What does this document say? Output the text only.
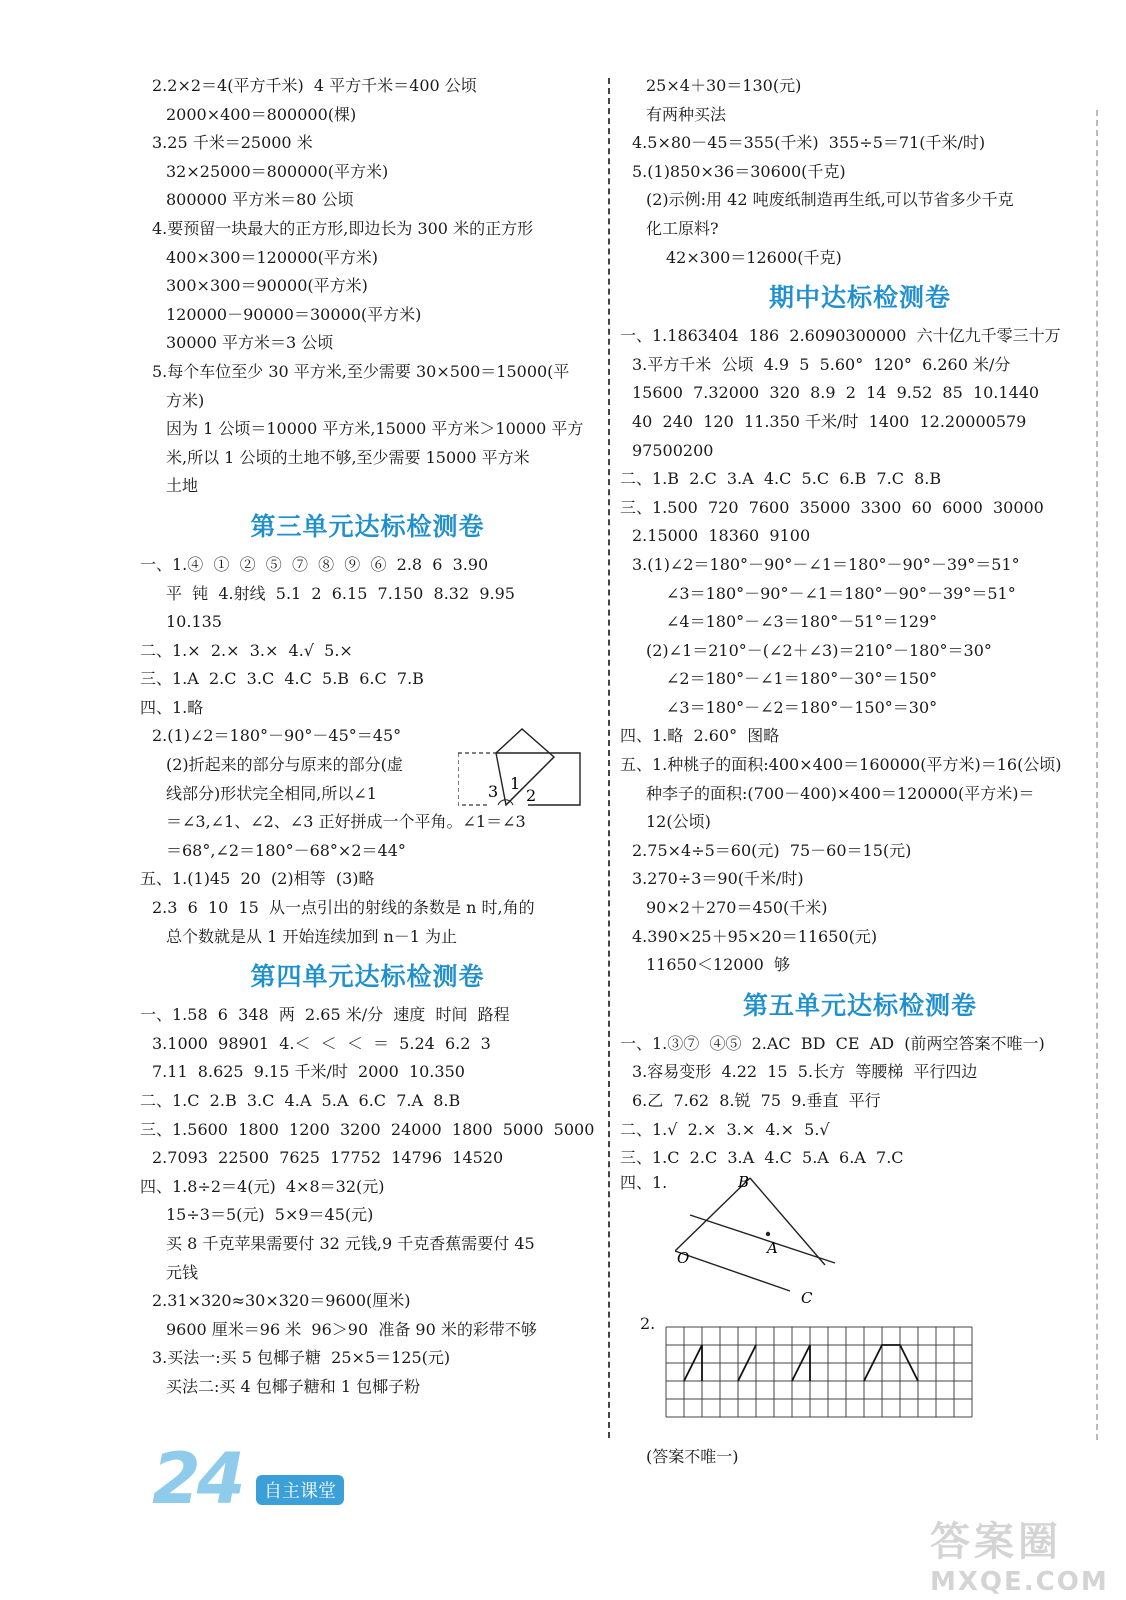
2.2×2＝4(平方千米)  4 平方千米＝400 公顷
2000×400＝800000(棵)
3.25 千米＝25000 米
32×25000＝800000(平方米)
800000 平方米＝80 公顷
4.要预留一块最大的正方形,即边长为 300 米的正方形
400×300＝120000(平方米)
300×300＝90000(平方米)
120000－90000＝30000(平方米)
30000 平方米＝3 公顷
5.每个车位至少 30 平方米,至少需要 30×500＝15000(平
方米)
因为 1 公顷＝10000 平方米,15000 平方米＞10000 平方
米,所以 1 公顷的土地不够,至少需要 15000 平方米
土地
第三单元达标检测卷
一、1.④  ①  ②  ⑤  ⑦  ⑧  ⑨  ⑥  2.8  6  3.90
平  钝  4.射线  5.1  2  6.15  7.150  8.32  9.95
10.135
二、1.×  2.×  3.×  4.√  5.×
三、1.A  2.C  3.C  4.C  5.B  6.C  7.B
四、1.略
2.(1)∠2＝180°－90°－45°＝45°
(2)折起来的部分与原来的部分(虚
线部分)形状完全相同,所以∠1
＝∠3,∠1、∠2、∠3 正好拼成一个平角。∠1＝∠3
＝68°,∠2＝180°－68°×2＝44°
3 1
2
五、1.(1)45  20  (2)相等  (3)略
2.3  6  10  15  从一点引出的射线的条数是 n 时,角的
总个数就是从 1 开始连续加到 n－1 为止
第四单元达标检测卷
一、1.58  6  348  两  2.65 米/分  速度  时间  路程
3.1000  98901  4.＜  ＜  ＜  ＝  5.24  6.2  3
7.11  8.625  9.15 千米/时  2000  10.350
二、1.C  2.B  3.C  4.A  5.A  6.C  7.A  8.B
三、1.5600  1800  1200  3200  24000  1800  5000  5000
2.7093  22500  7625  17752  14796  14520
四、1.8÷2＝4(元)  4×8＝32(元)
15÷3＝5(元)  5×9＝45(元)
买 8 千克苹果需要付 32 元钱,9 千克香蕉需要付 45
元钱
2.31×320≈30×320＝9600(厘米)
9600 厘米＝96 米  96＞90  准备 90 米的彩带不够
3.买法一:买 5 包椰子糖  25×5＝125(元)
买法二:买 4 包椰子糖和 1 包椰子粉
25×4＋30＝130(元)
有两种买法
4.5×80－45＝355(千米)  355÷5＝71(千米/时)
5.(1)850×36＝30600(千克)
(2)示例:用 42 吨废纸制造再生纸,可以节省多少千克
化工原料?
42×300＝12600(千克)
期中达标检测卷
一、1.1863404  186  2.6090300000  六十亿九千零三十万
3.平方千米  公顷  4.9  5  5.60°  120°  6.260 米/分
15600  7.32000  320  8.9  2  14  9.52  85  10.1440
40  240  120  11.350 千米/时  1400  12.20000579
97500200
二、1.B  2.C  3.A  4.C  5.C  6.B  7.C  8.B
三、1.500  720  7600  35000  3300  60  6000  30000
2.15000  18360  9100
3.(1)∠2＝180°－90°－∠1＝180°－90°－39°＝51°
∠3＝180°－90°－∠1＝180°－90°－39°＝51°
∠4＝180°－∠3＝180°－51°＝129°
(2)∠1＝210°－(∠2＋∠3)＝210°－180°＝30°
∠2＝180°－∠1＝180°－30°＝150°
∠3＝180°－∠2＝180°－150°＝30°
四、1.略  2.60°  图略
五、1.种桃子的面积:400×400＝160000(平方米)＝16(公顷)
种李子的面积:(700－400)×400＝120000(平方米)＝
12(公顷)
2.75×4÷5＝60(元)  75－60＝15(元)
3.270÷3＝90(千米/时)
90×2＋270＝450(千米)
4.390×25＋95×20＝11650(元)
11650＜12000  够
第五单元达标检测卷
一、1.③⑦  ④⑤  2.AC  BD  CE  AD  (前两空答案不唯一)
3.容易变形  4.22  15  5.长方  等腰梯  平行四边
6.乙  7.62  8.锐  75  9.垂直  平行
二、1.√  2.×  3.×  4.×  5.√
三、1.C  2.C  3.A  4.C  5.A  6.A  7.C
四、1.	B
A
O
C
2.
(答案不唯一)
24	自主课堂
答案圈
MXQE.COM
